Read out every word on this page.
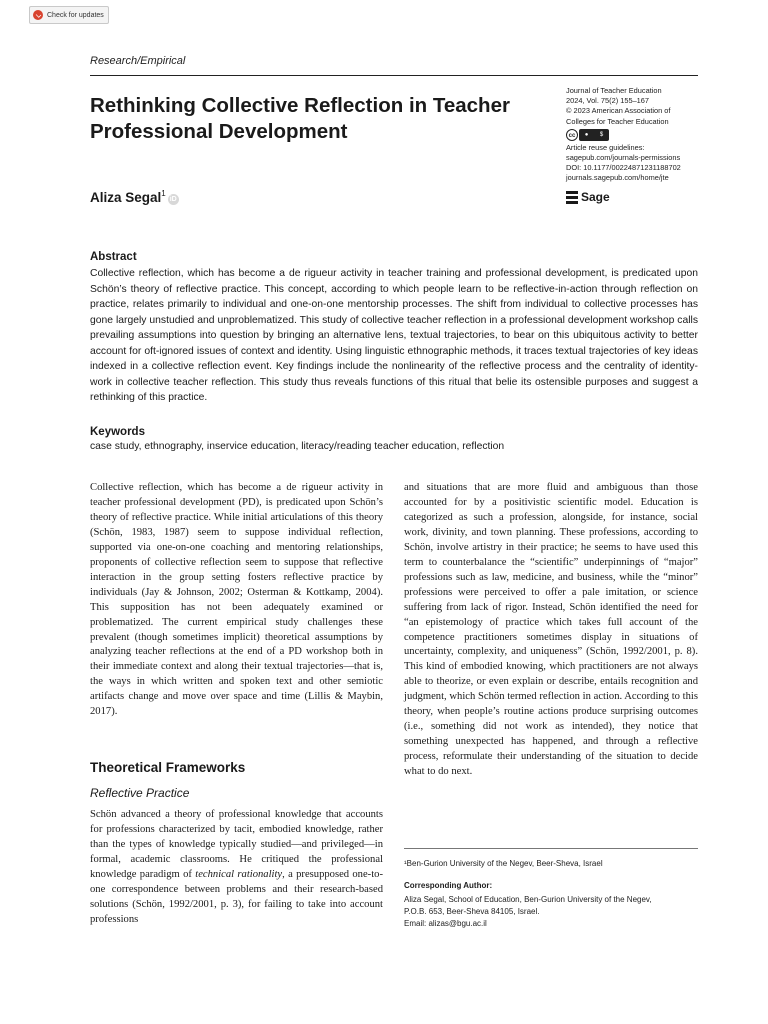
Check for updates
Research/Empirical
Rethinking Collective Reflection in Teacher Professional Development
Aliza Segal$^1$iD
Journal of Teacher Education
2024, Vol. 75(2) 155–167
© 2023 American Association of
Colleges for Teacher Education
cc	● $
Article reuse guidelines:
sagepub.com/journals-permissions
DOI: 10.1177/00224871231188702
journals.sagepub.com/home/jte
Sage
Abstract
Collective reflection, which has become a de rigueur activity in teacher training and professional development, is predicated upon Schön’s theory of reflective practice. This concept, according to which people learn to be reflective-in-action through reflection on practice, relates primarily to individual and one-on-one mentorship processes. The shift from individual to collective processes has gone largely unstudied and unproblematized. This study of collective teacher reflection in a professional development workshop calls prevailing assumptions into question by bringing an alternative lens, textual trajectories, to bear on this ubiquitous activity to better account for oft-ignored issues of context and identity. Using linguistic ethnographic methods, it traces textual trajectories of key ideas indexed in a collective reflection event. Key findings include the nonlinearity of the reflective process and the centrality of identity-work in collective teacher reflection. This study thus reveals functions of this ritual that belie its ostensible purposes and suggest a rethinking of this practice.
Keywords
case study, ethnography, inservice education, literacy/reading teacher education, reflection
Collective reflection, which has become a de rigueur activity in teacher professional development (PD), is predicated upon Schön’s theory of reflective practice. While initial articulations of this theory (Schön, 1983, 1987) seem to suppose individual reflection, supported via one-on-one coaching and mentoring relationships, proponents of collective reflection seem to suppose that reflective interaction in the group setting fosters reflective practice by individuals (Jay & Johnson, 2002; Osterman & Kottkamp, 2004). This supposition has not been adequately examined or problematized. The current empirical study challenges these prevalent (though sometimes implicit) theoretical assumptions by analyzing teacher reflections at the end of a PD workshop both in their immediate context and along their textual trajectories—that is, the ways in which written and spoken text and other semiotic artifacts change and move over space and time (Lillis & Maybin, 2017).
Theoretical Frameworks
Reflective Practice
Schön advanced a theory of professional knowledge that accounts for professions characterized by tacit, embodied knowledge, rather than the types of knowledge typically studied—and privileged—in formal, academic classrooms. He critiqued the professional knowledge paradigm of technical rationality, a presupposed one-to-one correspondence between problems and their research-based solutions (Schön, 1992/2001, p. 3), for failing to take into account professions
and situations that are more fluid and ambiguous than those accounted for by a positivistic scientific model. Education is categorized as such a profession, alongside, for instance, social work, divinity, and town planning. These professions, according to Schön, involve artistry in their practice; he seems to have used this term to counterbalance the “scientific” underpinnings of “major” professions such as law, medicine, and business, while the “minor” professions were perceived to offer a pale imitation, or science suffering from lack of rigor. Instead, Schön identified the need for “an epistemology of practice which takes full account of the competence practitioners sometimes display in situations of uncertainty, complexity, and uniqueness” (Schön, 1992/2001, p. 8). This kind of embodied knowing, which practitioners are not always able to theorize, or even explain or describe, entails recognition and judgment, which Schön termed reflection in action. According to this theory, when people’s routine actions produce surprising outcomes (i.e., something did not work as intended), they notice that something unexpected has happened, and through a reflective process, reformulate their understanding of the situation to decide what to do next.
¹Ben-Gurion University of the Negev, Beer-Sheva, Israel
Corresponding Author:
Aliza Segal, School of Education, Ben-Gurion University of the Negev,
P.O.B. 653, Beer-Sheva 84105, Israel.
Email: alizas@bgu.ac.il
